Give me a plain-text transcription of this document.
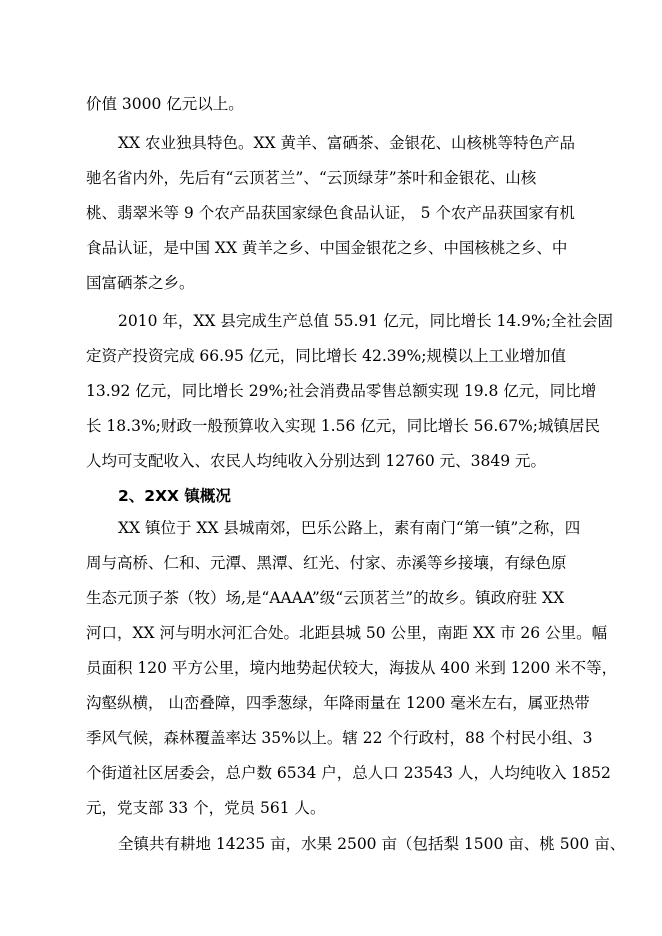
价值 3000 亿元以上。
XX 农业独具特色。XX 黄羊、富硒茶、金银花、山核桃等特色产品
驰名省内外，先后有“云顶茗兰”、“云顶绿芽”茶叶和金银花、山核
桃、翡翠米等 9 个农产品获国家绿色食品认证， 5 个农产品获国家有机
食品认证，是中国 XX 黄羊之乡、中国金银花之乡、中国核桃之乡、中
国富硒茶之乡。
2010 年，XX 县完成生产总值 55.91 亿元，同比增长 14.9%;全社会固
定资产投资完成 66.95 亿元，同比增长 42.39%;规模以上工业增加值
13.92 亿元，同比增长 29%;社会消费品零售总额实现 19.8 亿元，同比增
长 18.3%;财政一般预算收入实现 1.56 亿元，同比增长 56.67%;城镇居民
人均可支配收入、农民人均纯收入分别达到 12760 元、3849 元。
2、2XX 镇概况
XX 镇位于 XX 县城南郊，巴乐公路上，素有南门“第一镇”之称，四
周与高桥、仁和、元潭、黑潭、红光、付家、赤溪等乡接壤，有绿色原
生态元顶子茶（牧）场,是“AAAA”级“云顶茗兰”的故乡。镇政府驻 XX
河口，XX 河与明水河汇合处。北距县城 50 公里，南距 XX 市 26 公里。幅
员面积 120 平方公里，境内地势起伏较大，海拔从 400 米到 1200 米不等，
沟壑纵横， 山峦叠障，四季葱绿，年降雨量在 1200 毫米左右，属亚热带
季风气候，森林覆盖率达 35%以上。辖 22 个行政村，88 个村民小组、3
个街道社区居委会，总户数 6534 户，总人口 23543 人，人均纯收入 1852
元，党支部 33 个，党员 561 人。
全镇共有耕地 14235 亩，水果 2500 亩（包括梨 1500 亩、桃 500 亩、
